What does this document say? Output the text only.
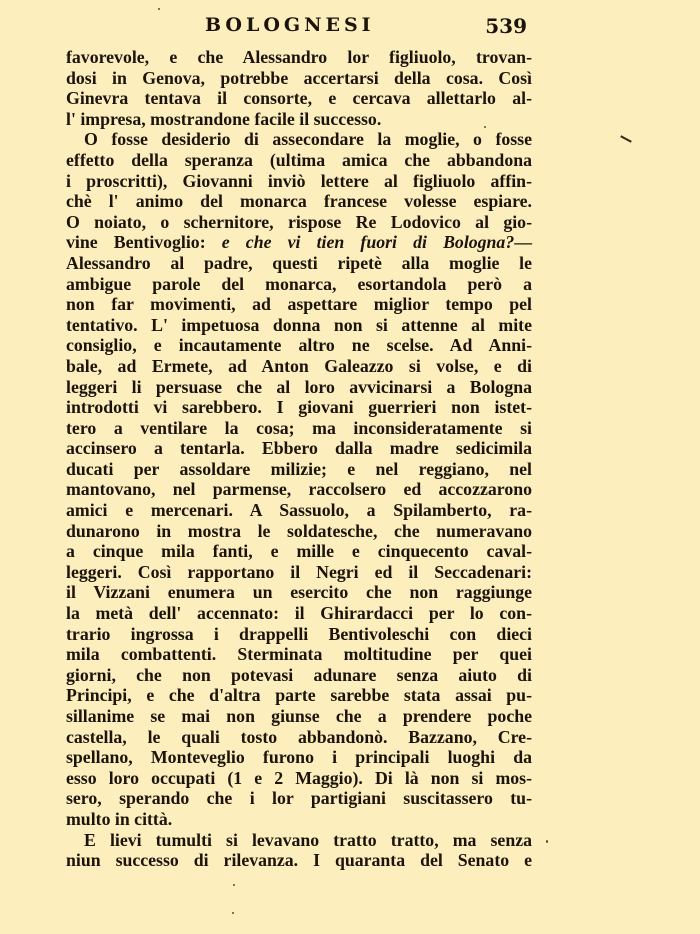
BOLOGNESI	539
favorevole, e che Alessandro lor figliuolo, trovan-
dosi in Genova, potrebbe accertarsi della cosa. Così
Ginevra tentava il consorte, e cercava allettarlo al-
l' impresa, mostrandone facile il successo.
O fosse desiderio di assecondare la moglie, o fosse
effetto della speranza (ultima amica che abbandona
i proscritti), Giovanni inviò lettere al figliuolo affin-
chè l' animo del monarca francese volesse espiare.
O noiato, o schernitore, rispose Re Lodovico al gio-
vine Bentivoglio: e che vi tien fuori di Bologna?—
Alessandro al padre, questi ripetè alla moglie le
ambigue parole del monarca, esortandola però a
non far movimenti, ad aspettare miglior tempo pel
tentativo. L' impetuosa donna non si attenne al mite
consiglio, e incautamente altro ne scelse. Ad Anni-
bale, ad Ermete, ad Anton Galeazzo si volse, e di
leggeri li persuase che al loro avvicinarsi a Bologna
introdotti vi sarebbero. I giovani guerrieri non istet-
tero a ventilare la cosa; ma inconsideratamente si
accinsero a tentarla. Ebbero dalla madre sedicimila
ducati per assoldare milizie; e nel reggiano, nel
mantovano, nel parmense, raccolsero ed accozzarono
amici e mercenari. A Sassuolo, a Spilamberto, ra-
dunarono in mostra le soldatesche, che numeravano
a cinque mila fanti, e mille e cinquecento caval-
leggeri. Così rapportano il Negri ed il Seccadenari:
il Vizzani enumera un esercito che non raggiunge
la metà dell' accennato: il Ghirardacci per lo con-
trario ingrossa i drappelli Bentivoleschi con dieci
mila combattenti. Sterminata moltitudine per quei
giorni, che non potevasi adunare senza aiuto di
Principi, e che d'altra parte sarebbe stata assai pu-
sillanime se mai non giunse che a prendere poche
castella, le quali tosto abbandonò. Bazzano, Cre-
spellano, Monteveglio furono i principali luoghi da
esso loro occupati (1 e 2 Maggio). Di là non si mos-
sero, sperando che i lor partigiani suscitassero tu-
multo in città.
E lievi tumulti si levavano tratto tratto, ma senza
niun successo di rilevanza. I quaranta del Senato e
